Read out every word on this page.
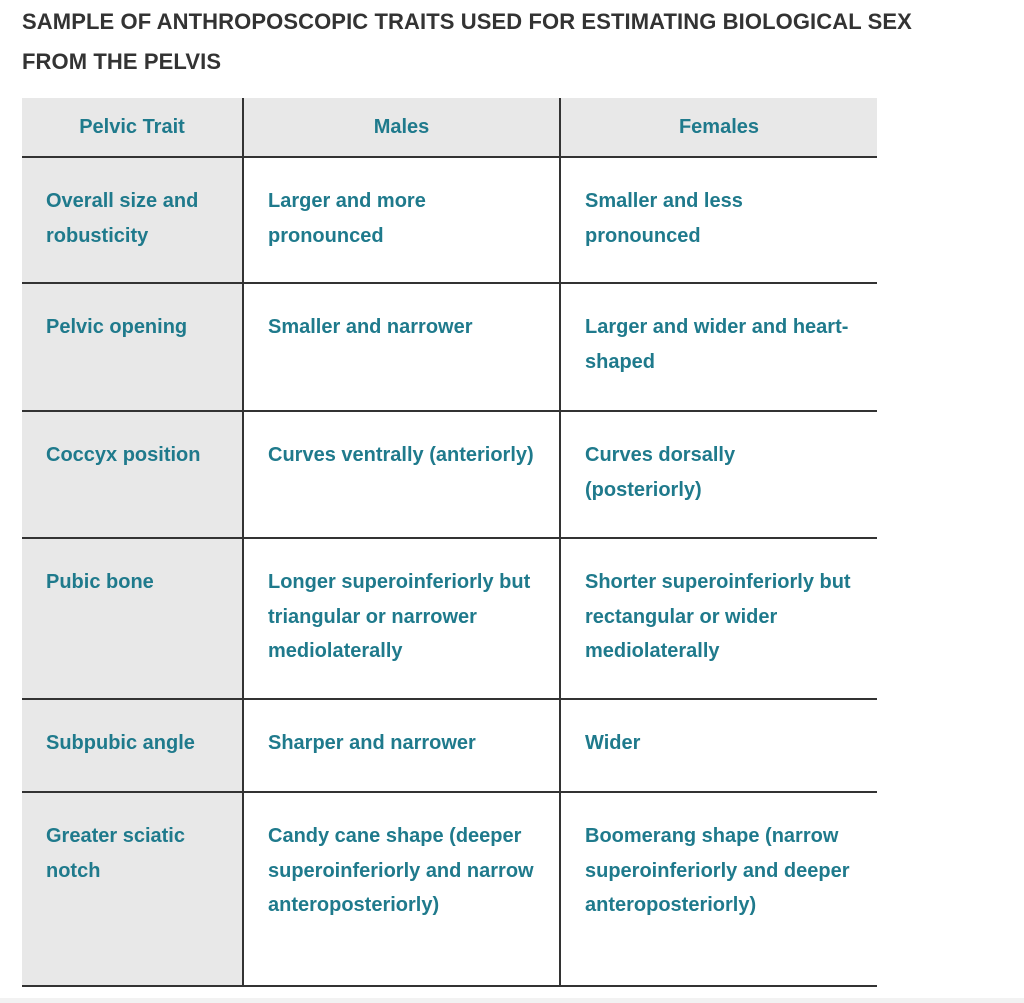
SAMPLE OF ANTHROPOSCOPIC TRAITS USED FOR ESTIMATING BIOLOGICAL SEX FROM THE PELVIS
Pelvic Trait	Males	Females
Overall size and robusticity	Larger and more pronounced	Smaller and less pronounced
Pelvic opening	Smaller and narrower	Larger and wider and heart-shaped
Coccyx position	Curves ventrally (anteriorly)	Curves dorsally (posteriorly)
Pubic bone	Longer superoinferiorly but triangular or narrower mediolaterally	Shorter superoinferiorly but rectangular or wider mediolaterally
Subpubic angle	Sharper and narrower	Wider
Greater sciatic notch	Candy cane shape (deeper superoinferiorly and narrow anteroposteriorly)	Boomerang shape (narrow superoinferiorly and deeper anteroposteriorly)
